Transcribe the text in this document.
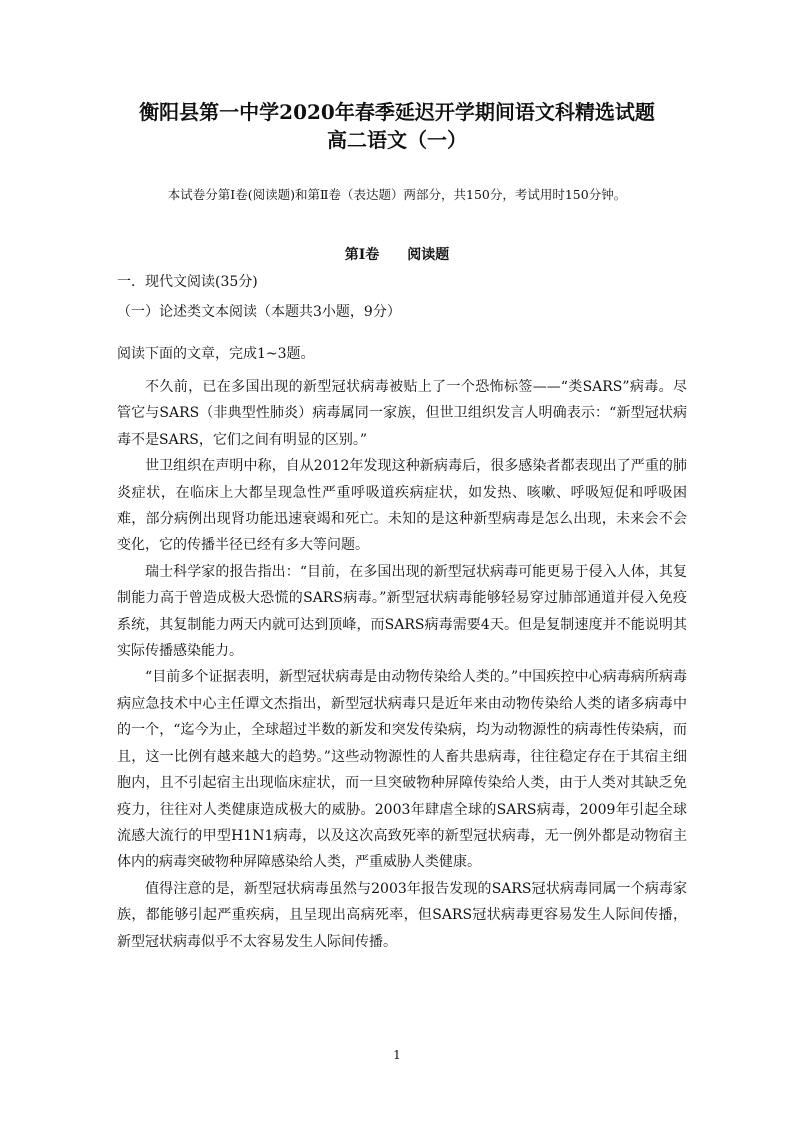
衡阳县第一中学2020年春季延迟开学期间语文科精选试题
高二语文（一）
本试卷分第Ⅰ卷(阅读题)和第Ⅱ卷（表达题）两部分，共150分，考试用时150分钟。
第Ⅰ卷　　阅读题
一．现代文阅读(35分)
（一）论述类文本阅读（本题共3小题，9分）
阅读下面的文章，完成1~3题。

不久前，已在多国出现的新型冠状病毒被贴上了一个恐怖标签——“类SARS”病毒。尽管它与SARS（非典型性肺炎）病毒属同一家族，但世卫组织发言人明确表示：“新型冠状病毒不是SARS，它们之间有明显的区别。”

世卫组织在声明中称，自从2012年发现这种新病毒后，很多感染者都表现出了严重的肺炎症状，在临床上大都呈现急性严重呼吸道疾病症状，如发热、咳嗽、呼吸短促和呼吸困难，部分病例出现肾功能迅速衰竭和死亡。未知的是这种新型病毒是怎么出现，未来会不会变化，它的传播半径已经有多大等问题。

瑞士科学家的报告指出：“目前，在多国出现的新型冠状病毒可能更易于侵入人体，其复制能力高于曾造成极大恐慌的SARS病毒。”新型冠状病毒能够轻易穿过肺部通道并侵入免疫系统，其复制能力两天内就可达到顶峰，而SARS病毒需要4天。但是复制速度并不能说明其实际传播感染能力。

“目前多个证据表明，新型冠状病毒是由动物传染给人类的。”中国疾控中心病毒病所病毒病应急技术中心主任谭文杰指出，新型冠状病毒只是近年来由动物传染给人类的诸多病毒中的一个，“迄今为止，全球超过半数的新发和突发传染病，均为动物源性的病毒性传染病，而且，这一比例有越来越大的趋势。”这些动物源性的人畜共患病毒，往往稳定存在于其宿主细胞内，且不引起宿主出现临床症状，而一旦突破物种屏障传染给人类，由于人类对其缺乏免疫力，往往对人类健康造成极大的威胁。2003年肆虐全球的SARS病毒，2009年引起全球流感大流行的甲型H1N1病毒，以及这次高致死率的新型冠状病毒，无一例外都是动物宿主体内的病毒突破物种屏障感染给人类，严重威胁人类健康。

值得注意的是，新型冠状病毒虽然与2003年报告发现的SARS冠状病毒同属一个病毒家族，都能够引起严重疾病，且呈现出高病死率，但SARS冠状病毒更容易发生人际间传播，新型冠状病毒似乎不太容易发生人际间传播。

1
